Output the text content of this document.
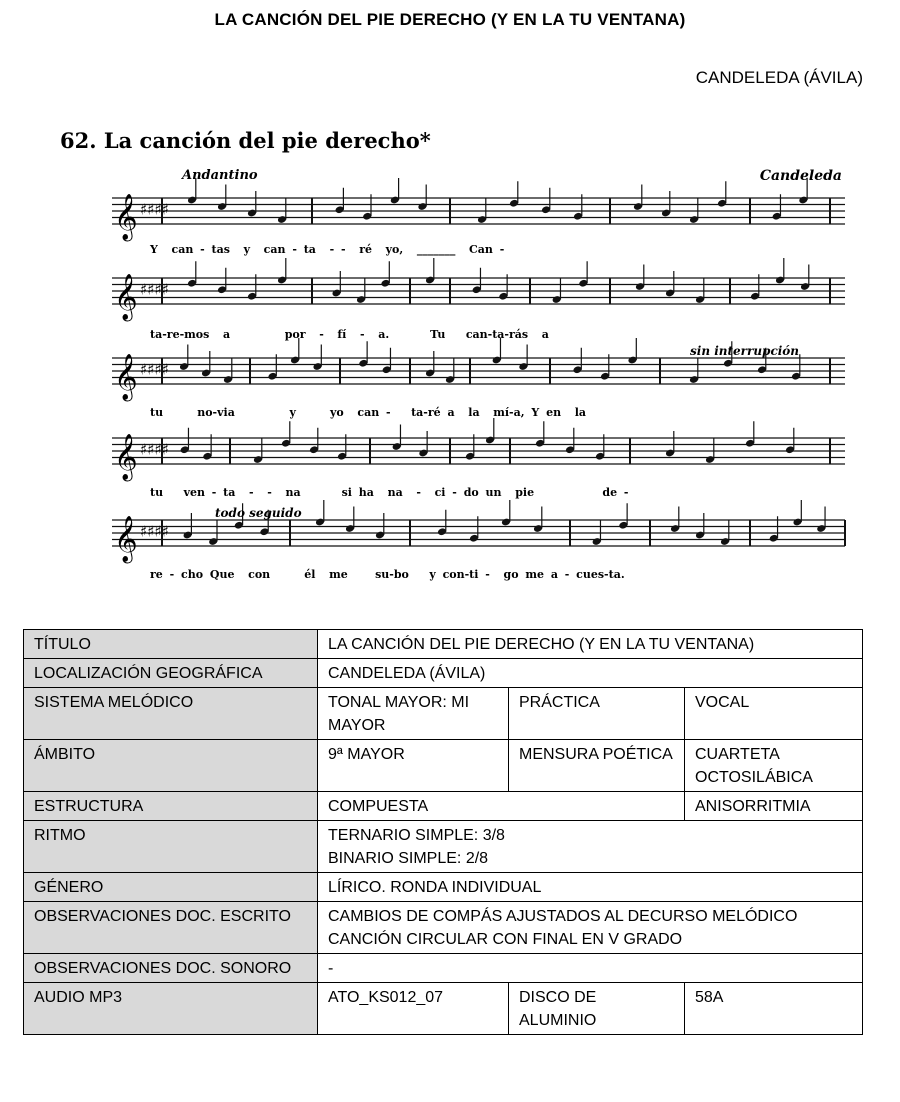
LA CANCIÓN DEL PIE DERECHO (Y EN LA TU VENTANA)
CANDELEDA (ÁVILA)
𝄞 ♯♯♯♯
𝄞 ♯♯♯♯
𝄞 ♯♯♯♯
𝄞 ♯♯♯♯
𝄞 ♯♯♯♯
62. La canción del pie derecho*
Andantino	Candeleda
sin interrupción
todo seguido
Y  can - tas  y  can - ta  - -  ré  yo,  _______  Can -
ta-re-mos  a        por  -  fí  -  a.      Tu   can-ta-rás  a
tu     no-via        y     yo  can -   ta-ré a  la  mí-a, Y en  la
tu   ven - ta  -  -  na      si ha  na  -  ci - do un  pie          de -
re - cho Que  con     él  me    su-bo   y con-ti -  go me a - cues-ta.
TÍTULO	LA CANCIÓN DEL PIE DERECHO (Y EN LA TU VENTANA)		
LOCALIZACIÓN GEOGRÁFICA	CANDELEDA (ÁVILA)		
SISTEMA MELÓDICO	TONAL MAYOR: MI MAYOR	PRÁCTICA	VOCAL
ÁMBITO	9ª MAYOR	MENSURA POÉTICA	CUARTETA OCTOSILÁBICA
ESTRUCTURA	COMPUESTA		ANISORRITMIA
RITMO	TERNARIO SIMPLE: 3/8
BINARIO SIMPLE: 2/8		

GÉNERO	LÍRICO. RONDA INDIVIDUAL		
OBSERVACIONES DOC. ESCRITO	CAMBIOS DE COMPÁS AJUSTADOS AL DECURSO MELÓDICO
CANCIÓN CIRCULAR CON FINAL EN V GRADO		

OBSERVACIONES DOC. SONORO	-		
AUDIO MP3	ATO_KS012_07	DISCO DE ALUMINIO	58A
